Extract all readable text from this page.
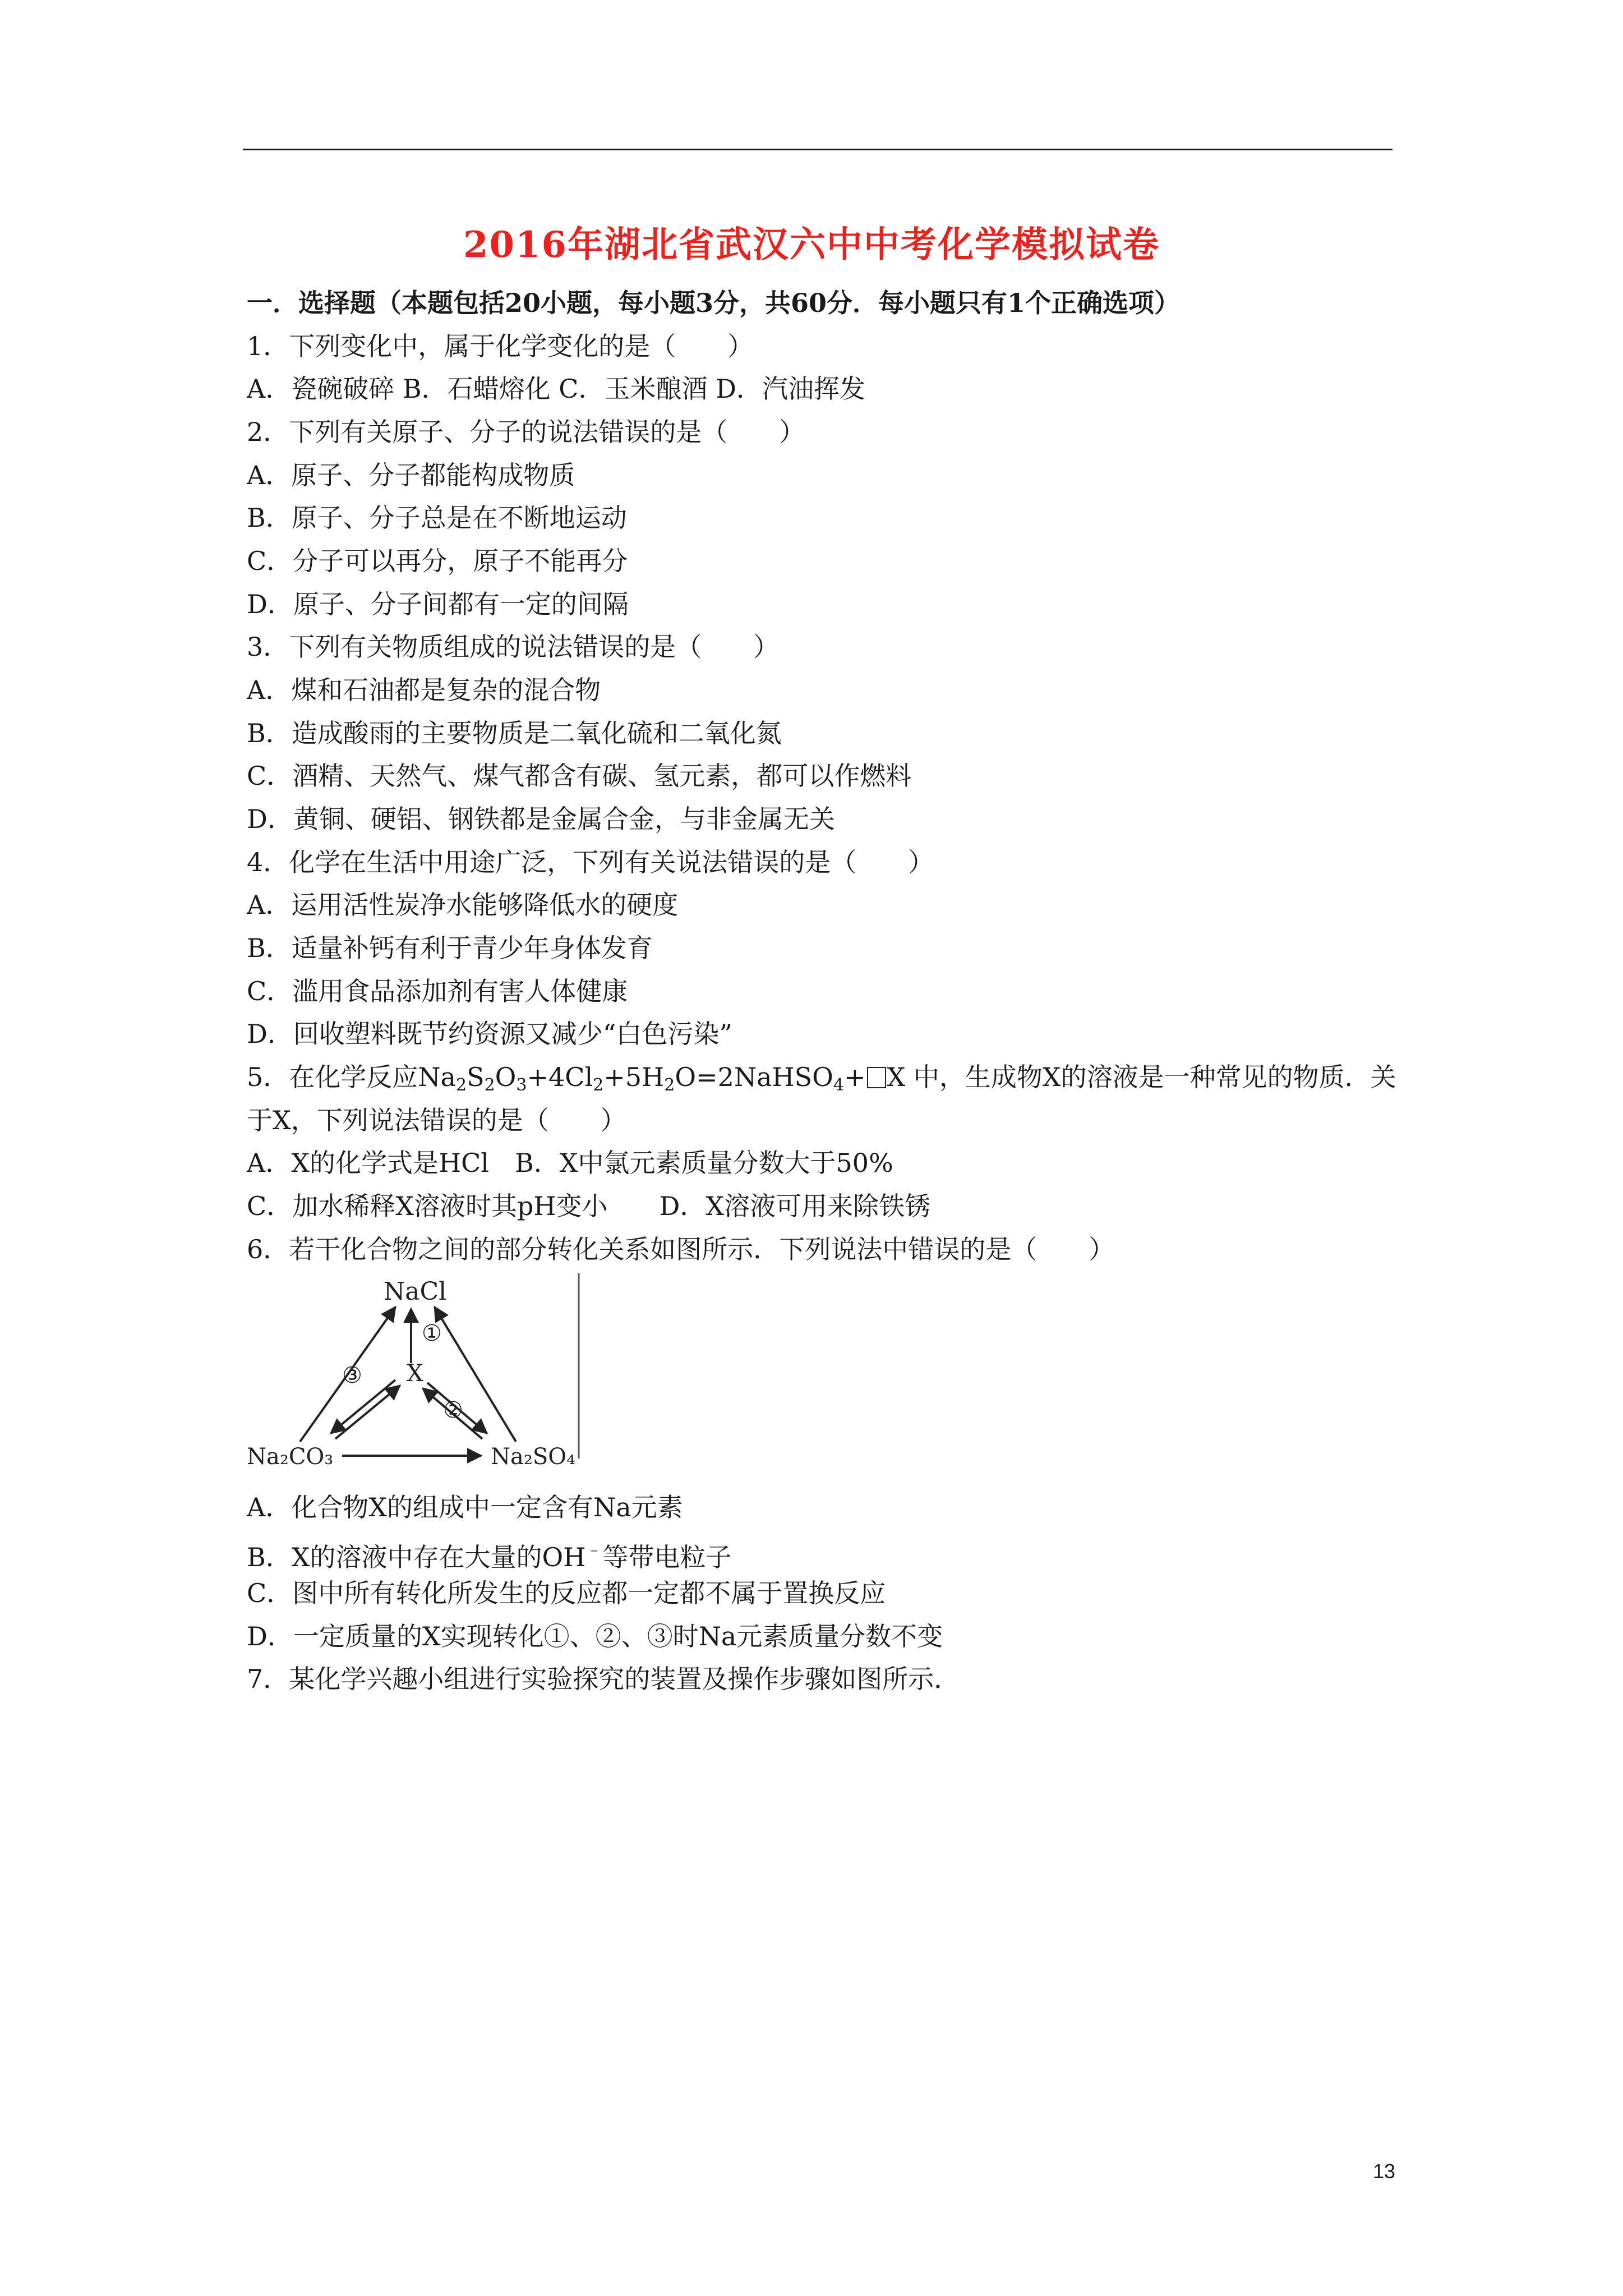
2016年湖北省武汉六中中考化学模拟试卷
一．选择题（本题包括20小题，每小题3分，共60分．每小题只有1个正确选项）
1．下列变化中，属于化学变化的是（　　）
A．瓷碗破碎 B．石蜡熔化 C．玉米酿酒 D．汽油挥发
2．下列有关原子、分子的说法错误的是（　　）
A．原子、分子都能构成物质
B．原子、分子总是在不断地运动
C．分子可以再分，原子不能再分
D．原子、分子间都有一定的间隔
3．下列有关物质组成的说法错误的是（　　）
A．煤和石油都是复杂的混合物
B．造成酸雨的主要物质是二氧化硫和二氧化氮
C．酒精、天然气、煤气都含有碳、氢元素，都可以作燃料
D．黄铜、硬铝、钢铁都是金属合金，与非金属无关
4．化学在生活中用途广泛，下列有关说法错误的是（　　）
A．运用活性炭净水能够降低水的硬度
B．适量补钙有利于青少年身体发育
C．滥用食品添加剂有害人体健康
D．回收塑料既节约资源又减少“白色污染”
5．在化学反应$Na_2S_2O_3+4Cl_2+5H_2O=2NaHSO_4+ X$ 中，生成物X的溶液是一种常见的物质．关
于X，下列说法错误的是（　　）
A．X的化学式是HCl　B．X中氯元素质量分数大于50%
C．加水稀释X溶液时其pH变小　　D．X溶液可用来除铁锈
6．若干化合物之间的部分转化关系如图所示．下列说法中错误的是（　　）
NaCl
X
Na₂CO₃	Na₂SO₄
①
②
③
A．化合物X的组成中一定含有Na元素
B．X的溶液中存在大量的OH﹣等带电粒子
C．图中所有转化所发生的反应都一定都不属于置换反应
D．一定质量的X实现转化①、②、③时Na元素质量分数不变
7．某化学兴趣小组进行实验探究的装置及操作步骤如图所示．
13
